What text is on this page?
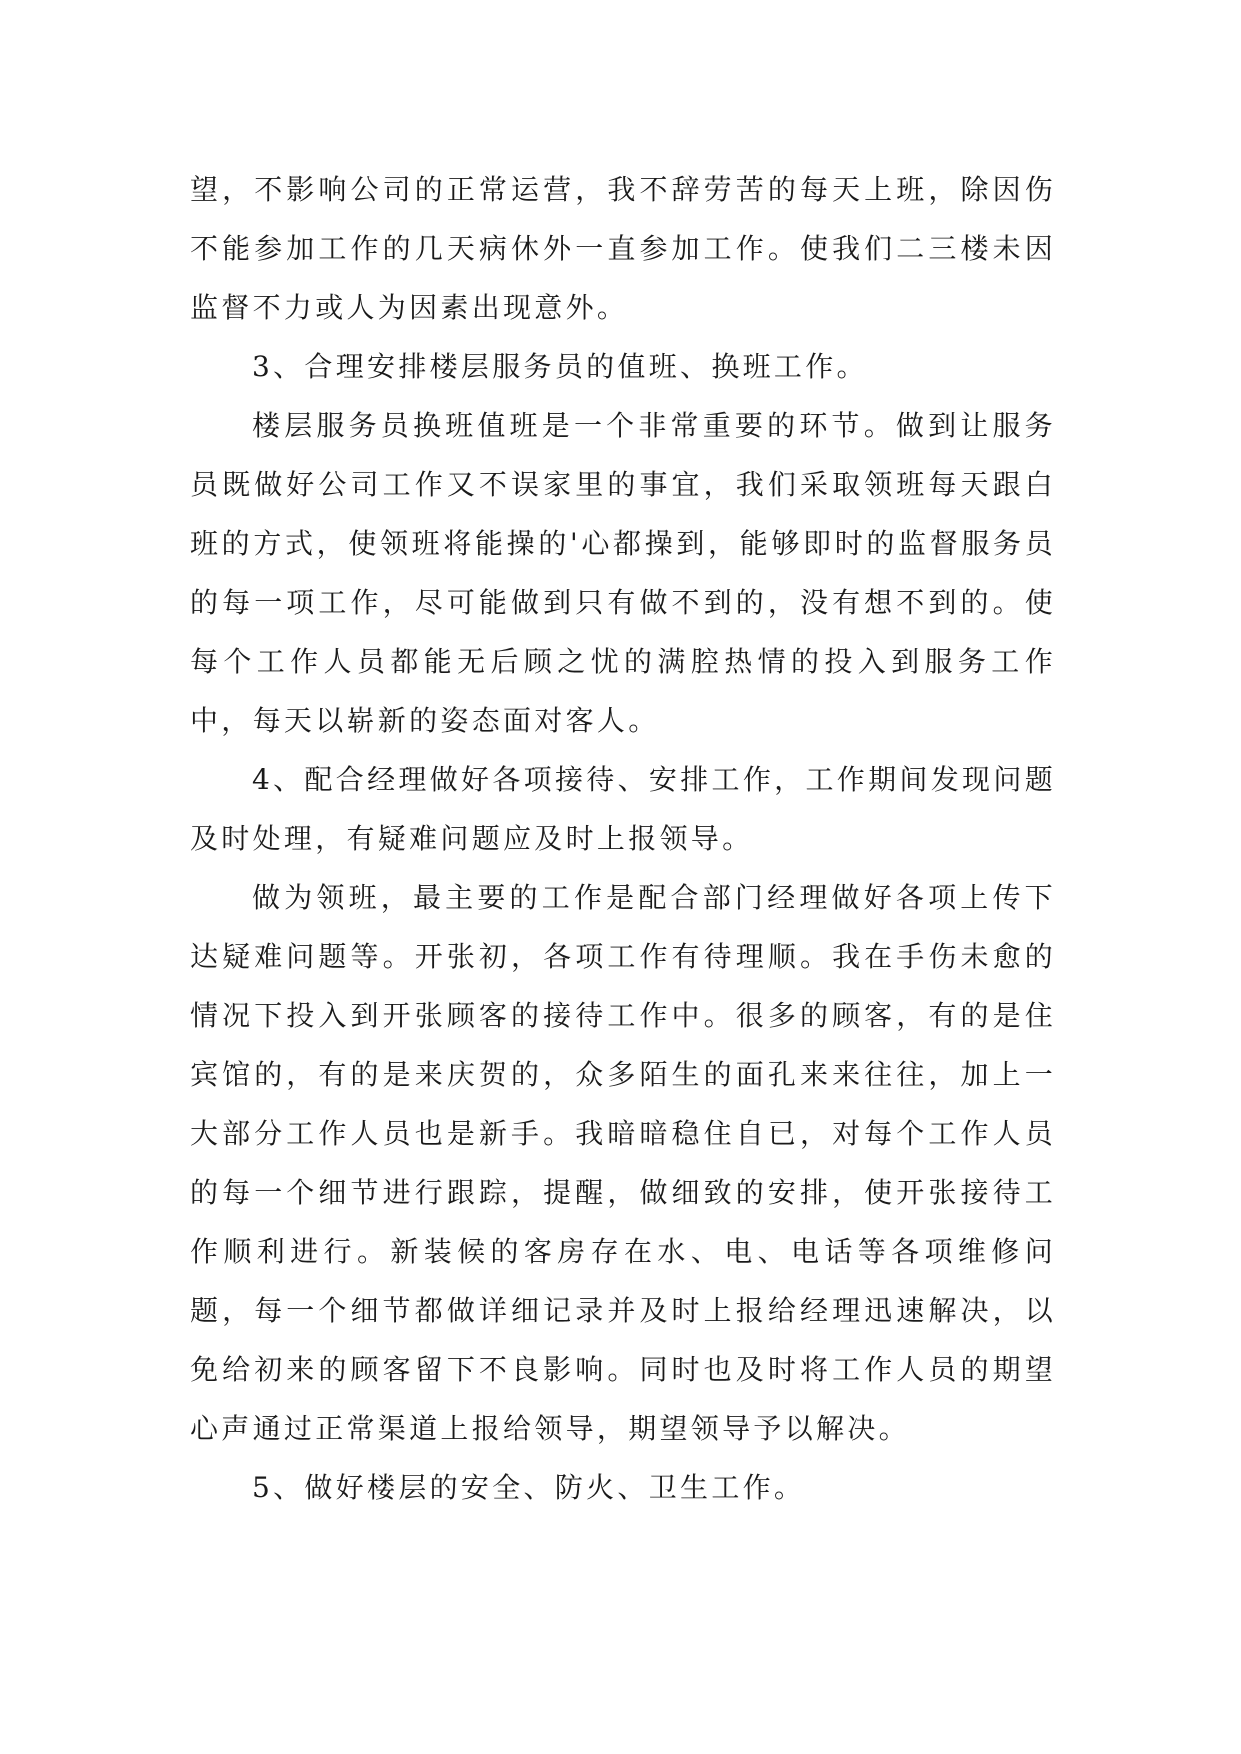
望，不影响公司的正常运营，我不辞劳苦的每天上班，除因伤不能参加工作的几天病休外一直参加工作。使我们二三楼未因监督不力或人为因素出现意外。

3、合理安排楼层服务员的值班、换班工作。

楼层服务员换班值班是一个非常重要的环节。做到让服务员既做好公司工作又不误家里的事宜，我们采取领班每天跟白班的方式，使领班将能操的'心都操到，能够即时的监督服务员的每一项工作，尽可能做到只有做不到的，没有想不到的。使每个工作人员都能无后顾之忧的满腔热情的投入到服务工作中，每天以崭新的姿态面对客人。

4、配合经理做好各项接待、安排工作，工作期间发现问题及时处理，有疑难问题应及时上报领导。

做为领班，最主要的工作是配合部门经理做好各项上传下达疑难问题等。开张初，各项工作有待理顺。我在手伤未愈的情况下投入到开张顾客的接待工作中。很多的顾客，有的是住宾馆的，有的是来庆贺的，众多陌生的面孔来来往往，加上一大部分工作人员也是新手。我暗暗稳住自已，对每个工作人员的每一个细节进行跟踪，提醒，做细致的安排，使开张接待工作顺利进行。新装候的客房存在水、电、电话等各项维修问题，每一个细节都做详细记录并及时上报给经理迅速解决，以免给初来的顾客留下不良影响。同时也及时将工作人员的期望心声通过正常渠道上报给领导，期望领导予以解决。

5、做好楼层的安全、防火、卫生工作。
